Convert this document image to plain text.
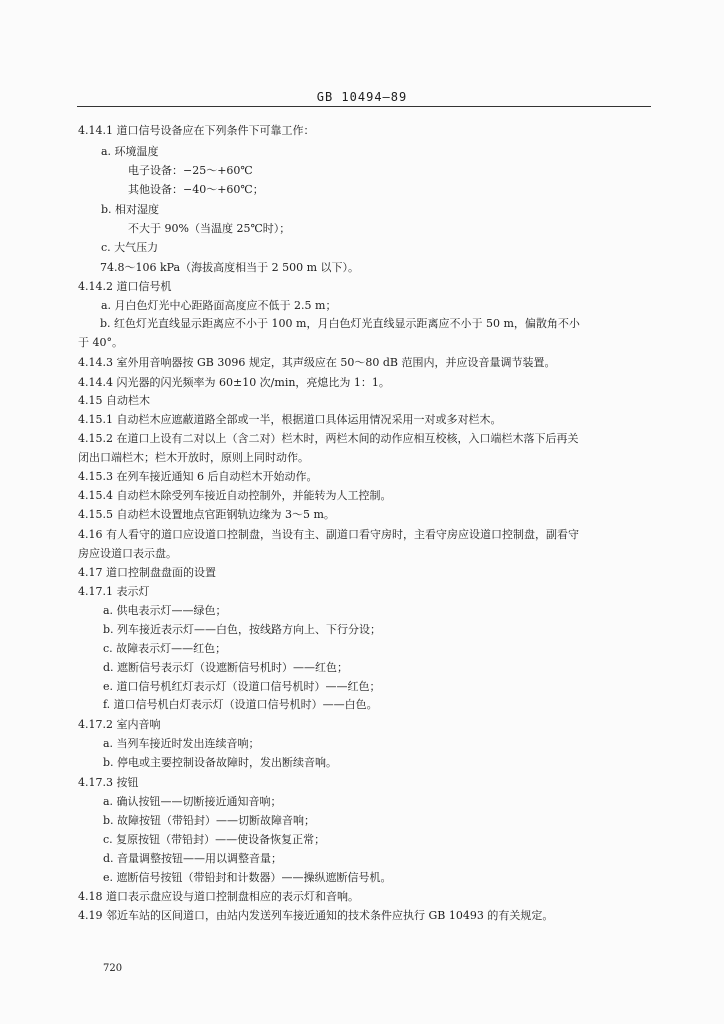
GB 10494—89
4.14.1 道口信号设备应在下列条件下可靠工作：
a. 环境温度
电子设备：−25～+60℃
其他设备：−40～+60℃；
b. 相对湿度
不大于 90%（当温度 25℃时）；
c. 大气压力
74.8～106 kPa（海拔高度相当于 2 500 m 以下）。
4.14.2 道口信号机
a. 月白色灯光中心距路面高度应不低于 2.5 m；
b. 红色灯光直线显示距离应不小于 100 m，月白色灯光直线显示距离应不小于 50 m，偏散角不小
于 40°。
4.14.3 室外用音响器按 GB 3096 规定，其声级应在 50～80 dB 范围内，并应设音量调节装置。
4.14.4 闪光器的闪光频率为 60±10 次/min，亮熄比为 1：1。
4.15 自动栏木
4.15.1 自动栏木应遮蔽道路全部或一半，根据道口具体运用情况采用一对或多对栏木。
4.15.2 在道口上设有二对以上（含二对）栏木时，两栏木间的动作应相互校核，入口端栏木落下后再关
闭出口端栏木；栏木开放时，原则上同时动作。
4.15.3 在列车接近通知 6 后自动栏木开始动作。
4.15.4 自动栏木除受列车接近自动控制外，并能转为人工控制。
4.15.5 自动栏木设置地点官距钢轨边缘为 3～5 m。
4.16 有人看守的道口应设道口控制盘，当设有主、副道口看守房时，主看守房应设道口控制盘，副看守
房应设道口表示盘。
4.17 道口控制盘盘面的设置
4.17.1 表示灯
a. 供电表示灯——绿色；
b. 列车接近表示灯——白色，按线路方向上、下行分设；
c. 故障表示灯——红色；
d. 遮断信号表示灯（设遮断信号机时）——红色；
e. 道口信号机红灯表示灯（设道口信号机时）——红色；
f. 道口信号机白灯表示灯（设道口信号机时）——白色。
4.17.2 室内音响
a. 当列车接近时发出连续音响；
b. 停电或主要控制设备故障时，发出断续音响。
4.17.3 按钮
a. 确认按钮——切断接近通知音响；
b. 故障按钮（带铅封）——切断故障音响；
c. 复原按钮（带铅封）——使设备恢复正常；
d. 音量调整按钮——用以调整音量；
e. 遮断信号按钮（带铅封和计数器）——操纵遮断信号机。
4.18 道口表示盘应设与道口控制盘相应的表示灯和音响。
4.19 邻近车站的区间道口，由站内发送列车接近通知的技术条件应执行 GB 10493 的有关规定。
720
